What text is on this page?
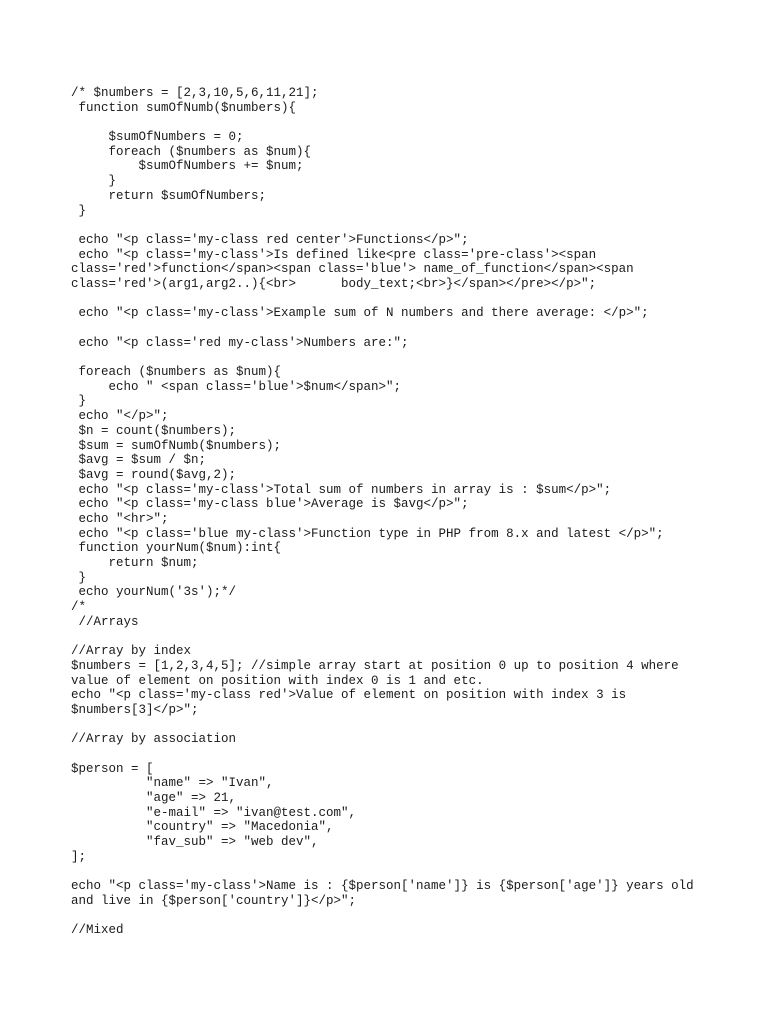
/* $numbers = [2,3,10,5,6,11,21];
function sumOfNumb($numbers){
$sumOfNumbers = 0;
foreach ($numbers as $num){
$sumOfNumbers += $num;
}
return $sumOfNumbers;
}
echo "<p class='my-class red center'>Functions</p>";
echo "<p class='my-class'>Is defined like<pre class='pre-class'><span
class='red'>function</span><span class='blue'> name_of_function</span><span
class='red'>(arg1,arg2..){<br>      body_text;<br>}</span></pre></p>";
echo "<p class='my-class'>Example sum of N numbers and there average: </p>";
echo "<p class='red my-class'>Numbers are:";
foreach ($numbers as $num){
echo " <span class='blue'>$num</span>";
}
echo "</p>";
$n = count($numbers);
$sum = sumOfNumb($numbers);
$avg = $sum / $n;
$avg = round($avg,2);
echo "<p class='my-class'>Total sum of numbers in array is : $sum</p>";
echo "<p class='my-class blue'>Average is $avg</p>";
echo "<hr>";
echo "<p class='blue my-class'>Function type in PHP from 8.x and latest </p>";
function yourNum($num):int{
return $num;
}
echo yourNum('3s');*/
/*
//Arrays
//Array by index
$numbers = [1,2,3,4,5]; //simple array start at position 0 up to position 4 where
value of element on position with index 0 is 1 and etc.
echo "<p class='my-class red'>Value of element on position with index 3 is
$numbers[3]</p>";
//Array by association
$person = [
"name" => "Ivan",
"age" => 21,
"e-mail" => "ivan@test.com",
"country" => "Macedonia",
"fav_sub" => "web dev",
];
echo "<p class='my-class'>Name is : {$person['name']} is {$person['age']} years old
and live in {$person['country']}</p>";
//Mixed
